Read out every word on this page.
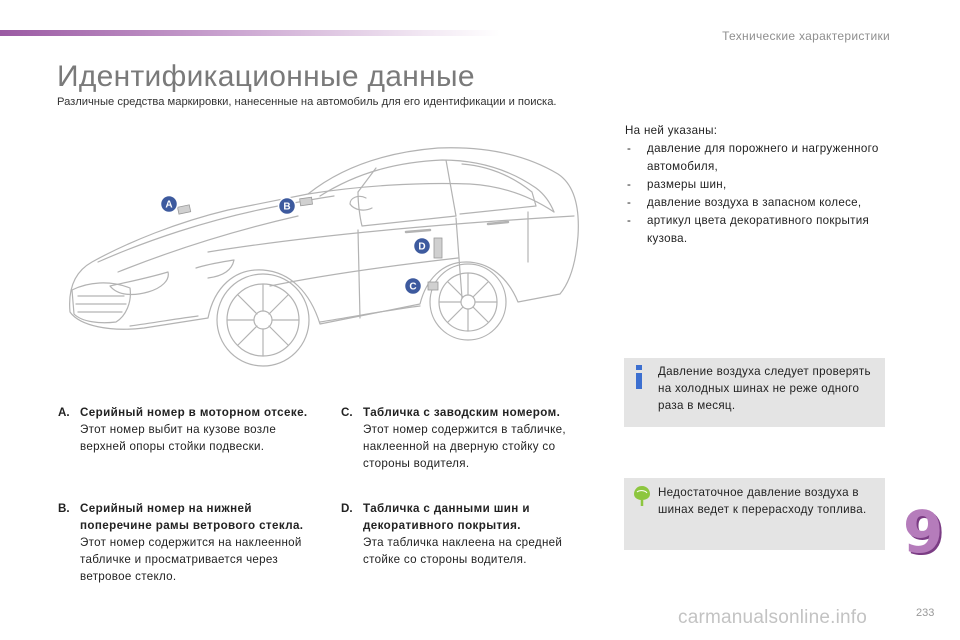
Технические характеристики
Идентификационные данные
Различные средства маркировки, нанесенные на автомобиль для его идентификации и поиска.
A	B
C
D
A. Серийный номер в моторном отсеке.
Этот номер выбит на кузове возле верхней опоры стойки подвески.
B. Серийный номер на нижней поперечине рамы ветрового стекла.
Этот номер содержится на наклеенной табличке и просматривается через ветровое стекло.
C. Табличка с заводским номером.
Этот номер содержится в табличке, наклеенной на дверную стойку со стороны водителя.
D. Табличка с данными шин и декоративного покрытия.
Эта табличка наклеена на средней стойке со стороны водителя.
На ней указаны:
- давление для порожнего и нагруженного автомобиля,
- размеры шин,
- давление воздуха в запасном колесе,
- артикул цвета декоративного покрытия кузова.
Давление воздуха следует проверять на холодных шинах не реже одного раза в месяц.
Недостаточное давление воздуха в шинах ведет к перерасходу топлива. 9
carmanualsonline.info	233
